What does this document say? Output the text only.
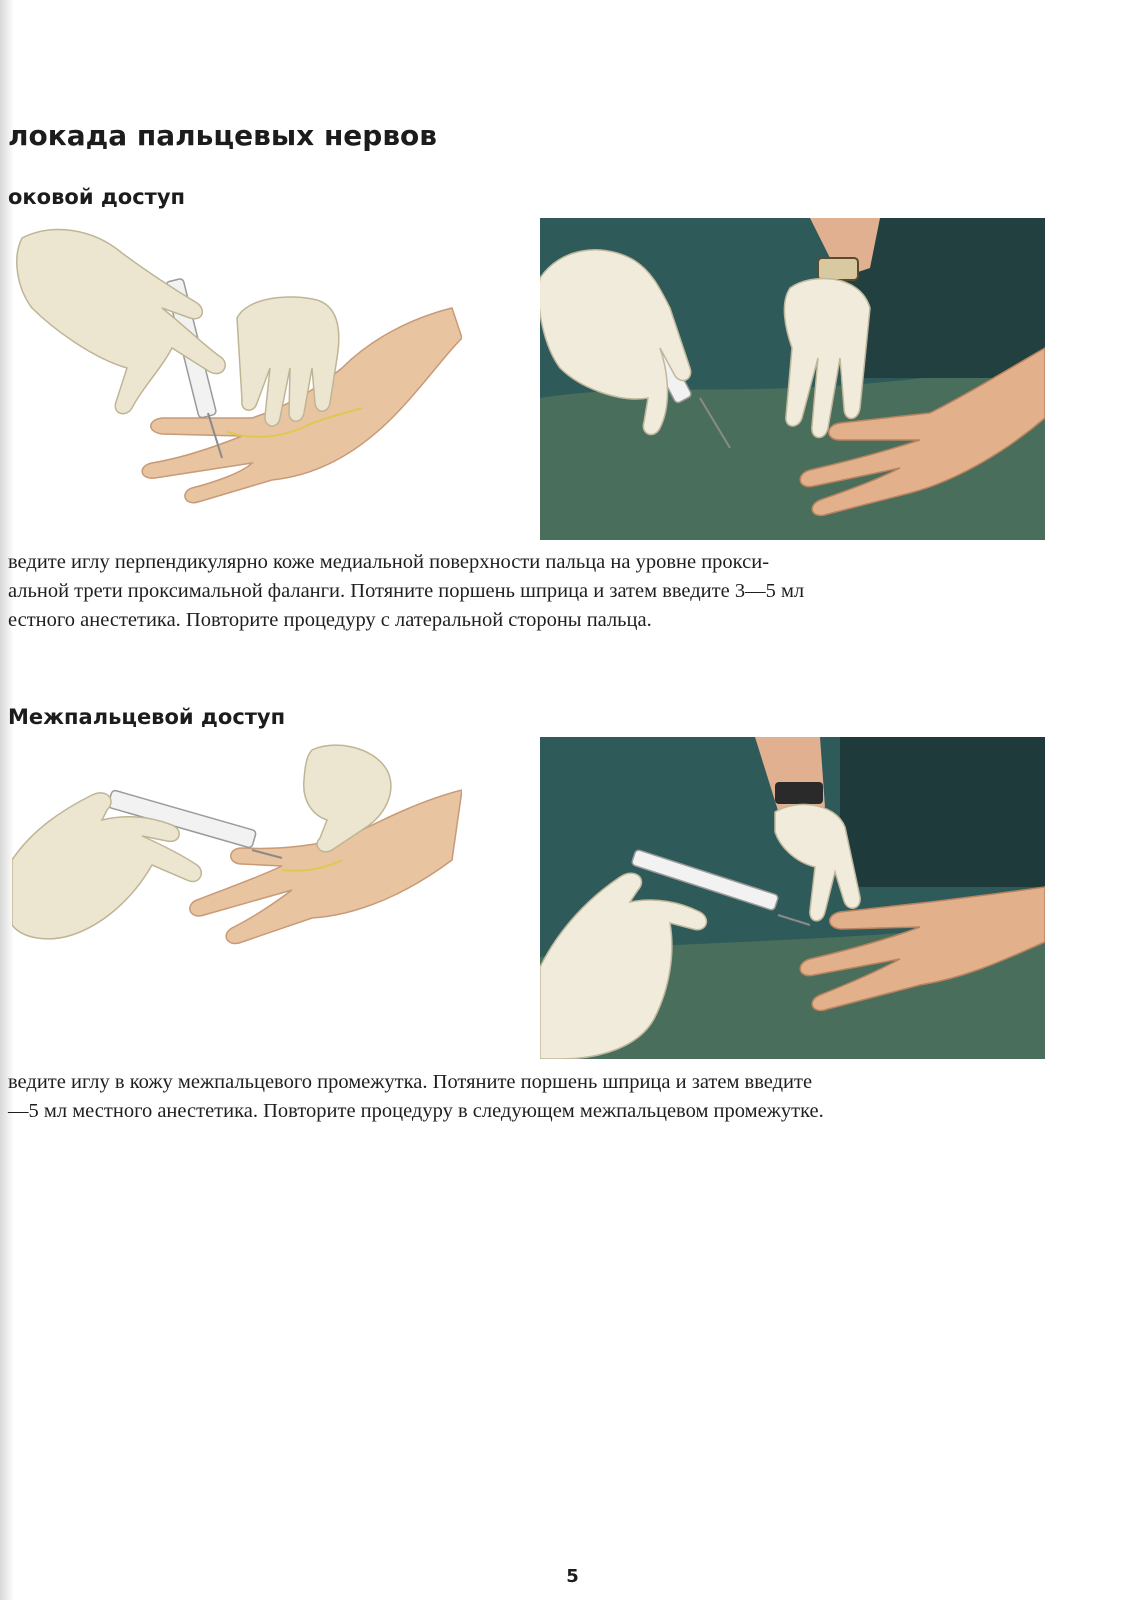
локада пальцевых нервов
оковой доступ

ведите иглу перпендикулярно коже медиальной поверхности пальца на уровне прокси-

альной трети проксимальной фаланги. Потяните поршень шприца и затем введите 3—5 мл

естного анестетика. Повторите процедуру с латеральной стороны пальца.

Межпальцевой доступ

ведите иглу в кожу межпальцевого промежутка. Потяните поршень шприца и затем введите

—5 мл местного анестетика. Повторите процедуру в следующем межпальцевом промежутке.

5
